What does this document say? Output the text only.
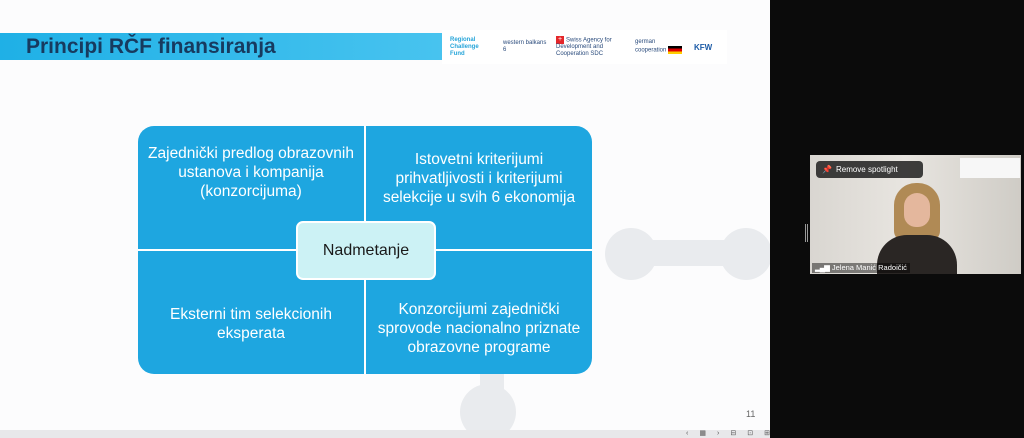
Principi RČF finansiranja	Regional Challenge Fund
western balkans 6
+ Swiss Agency for Development and Cooperation SDC
german cooperation	KFW
Zajednički predlog obrazovnih ustanova i kompanija (konzorcijuma)
Istovetni kriterijumi prihvatljivosti i kriterijumi selekcije u svih 6 ekonomija
Eksterni tim selekcionih eksperata
Konzorcijumi zajednički sprovode nacionalno priznate obrazovne programe
Nadmetanje
11
‹ ▦ › ⊟ ⊡ ⊞
📌 Remove spotlight
▂▄▆ Jelena Manić Radoičić
